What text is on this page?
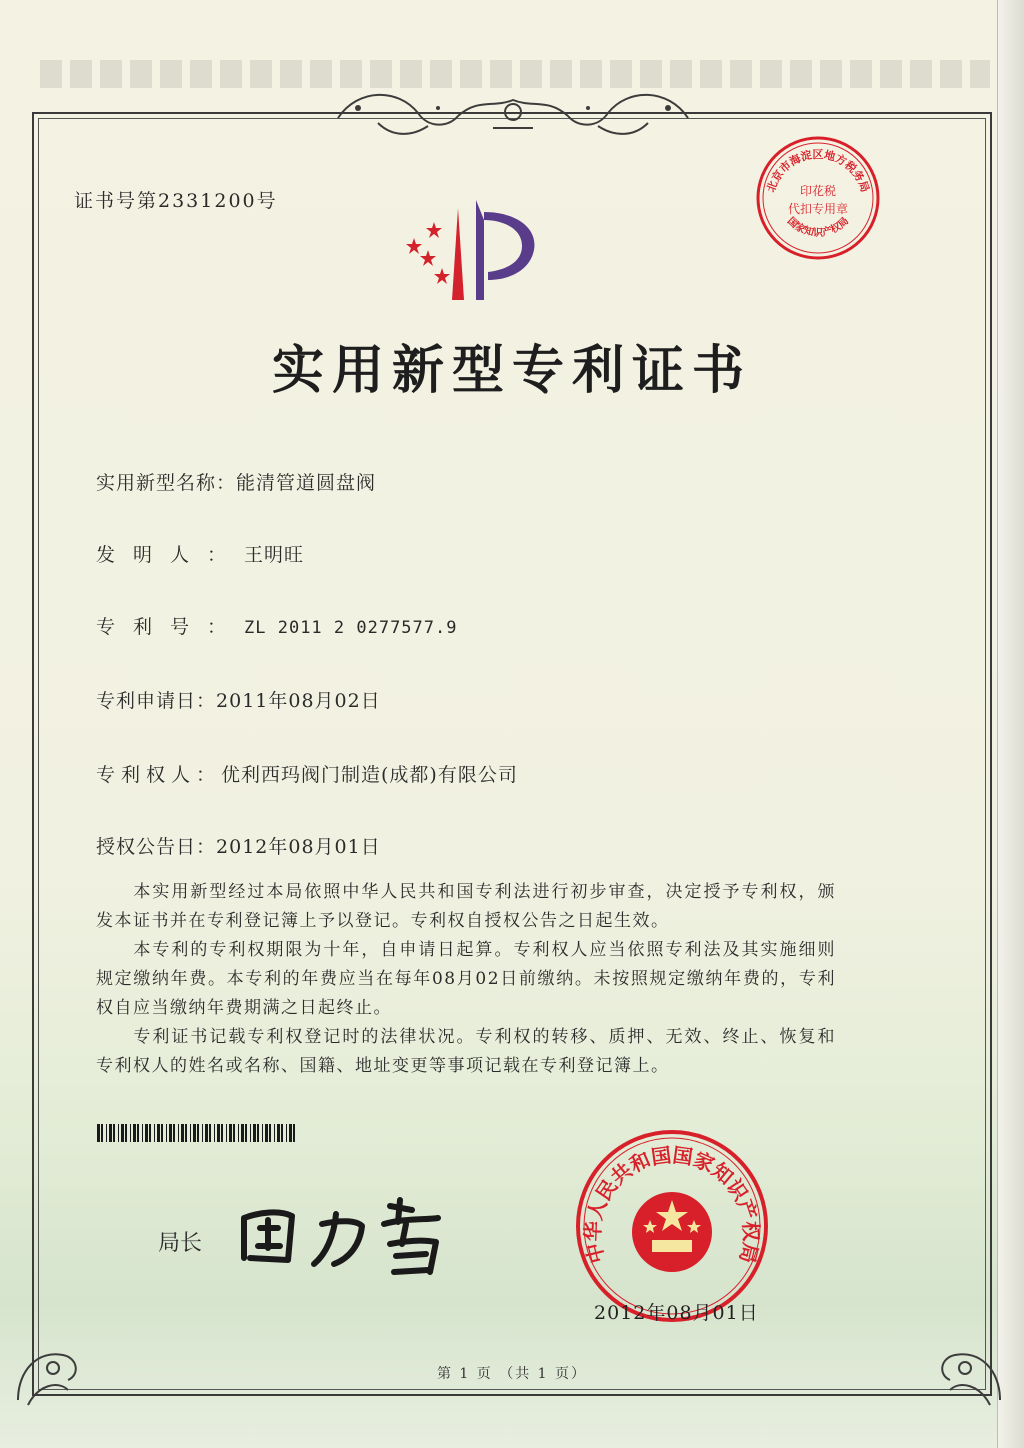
证书号第2331200号
实用新型专利证书
实用新型名称：能清管道圆盘阀
发明人：王明旺
专利号：ZL 2011 2 0277577.9
专利申请日：2011年08月02日
专利权人：优利西玛阀门制造(成都)有限公司
授权公告日：2012年08月01日

本实用新型经过本局依照中华人民共和国专利法进行初步审查，决定授予专利权，颁发本证书并在专利登记簿上予以登记。专利权自授权公告之日起生效。

本专利的专利权期限为十年，自申请日起算。专利权人应当依照专利法及其实施细则规定缴纳年费。本专利的年费应当在每年08月02日前缴纳。未按照规定缴纳年费的，专利权自应当缴纳年费期满之日起终止。

专利证书记载专利权登记时的法律状况。专利权的转移、质押、无效、终止、恢复和专利权人的姓名或名称、国籍、地址变更等事项记载在专利登记簿上。

局长
北京市海淀区地方税务局
国家知识产权局
印花税
代扣专用章
中华人民共和国国家知识产权局
2012年08月01日
第 1 页 （共 1 页）
